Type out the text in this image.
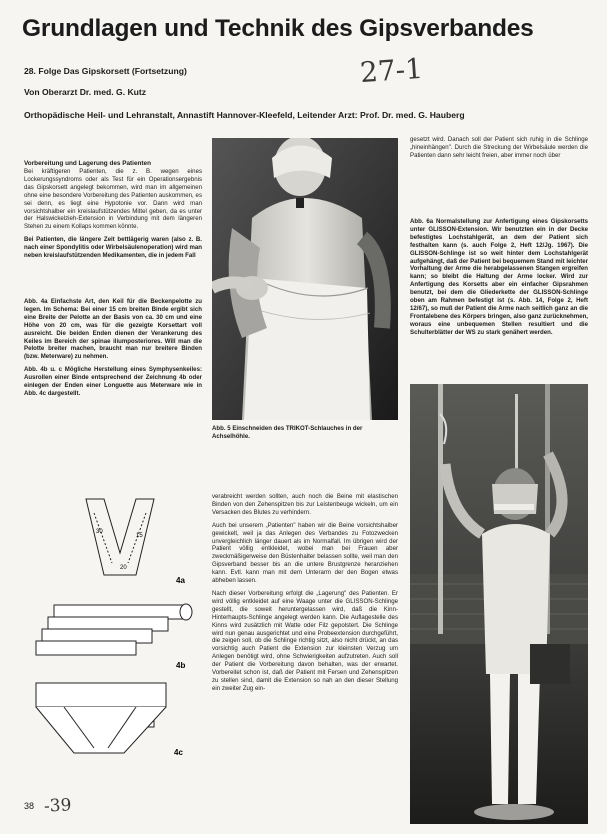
Grundlagen und Technik des Gipsverbandes
27-1
28. Folge Das Gipskorsett (Fortsetzung)
Von Oberarzt Dr. med. G. Kutz
Orthopädische Heil- und Lehranstalt, Annastift Hannover-Kleefeld, Leitender Arzt: Prof. Dr. med. G. Hauberg
Vorbereitung und Lagerung des Patienten

Bei kräftigeren Patienten, die z. B. wegen eines Lockerungssyndroms oder als Test für ein Operationsergebnis das Gipskorsett angelegt bekommen, wird man im allgemeinen ohne eine besondere Vorbereitung des Patienten auskommen, es sei denn, es liegt eine Hypotonie vor. Dann wird man vorsichtshalber ein kreislaufstützendes Mittel geben, da es unter der Halswickelzieh-Extension in Verbindung mit dem längeren Stehen zu einem Kollaps kommen könnte.

Bei Patienten, die längere Zeit bettlägerig waren (also z. B. nach einer Spondylitis oder Wirbelsäulenoperation) wird man neben kreislaufstützenden Medikamenten, die in jedem Fall

Abb. 4a Einfachste Art, den Keil für die Beckenpelotte zu legen. Im Schema: Bei einer 15 cm breiten Binde ergibt sich eine Breite der Pelotte an der Basis von ca. 30 cm und eine Höhe von 20 cm, was für die gezeigte Korsettart voll ausreicht. Die beiden Enden dienen der Verankerung des Keiles im Bereich der spinae iliumposteriores. Will man die Pelotte breiter machen, braucht man nur breitere Binden (bzw. Meterware) zu nehmen.

Abb. 4b u. c Mögliche Herstellung eines Symphysenkeiles: Ausrollen einer Binde entsprechend der Zeichnung 4b oder einlegen der Enden einer Longuette aus Meterware wie in Abb. 4c dargestellt.

Abb. 5 Einschneiden des TRIKOT-Schlauches in der Achselhöhle.

gesetzt wird. Danach soll der Patient sich ruhig in die Schlinge „hineinhängen". Durch die Streckung der Wirbelsäule werden die Patienten dann sehr leicht freien, aber immer noch über

Abb. 6a Normalstellung zur Anfertigung eines Gipskorsetts unter GLISSON-Extension. Wir benutzten ein in der Decke befestigtes Lochstahlgerät, an dem der Patient sich festhalten kann (s. auch Folge 2, Heft 12/Jg. 1967). Die GLISSON-Schlinge ist so weit hinter dem Lochstahlgerät aufgehängt, daß der Patient bei bequemem Stand mit leichter Vorhaltung der Arme die herabgelassenen Stangen ergreifen kann; so bleibt die Haltung der Arme locker. Wird zur Anfertigung des Korsetts aber ein einfacher Gipsrahmen benutzt, bei dem die Gliederkette der GLISSON-Schlinge oben am Rahmen befestigt ist (s. Abb. 14, Folge 2, Heft 12/67), so muß der Patient die Arme nach seitlich ganz an die Frontalebene des Körpers bringen, also ganz zurücknehmen, woraus eine unbequemen Stellen resultiert und die Schulterblätter der WS zu stark genähert werden.

30
15
20
4a
4b
4c

verabreicht werden sollten, auch noch die Beine mit elastischen Binden von den Zehenspitzen bis zur Leistenbeuge wickeln, um ein Versacken des Blutes zu verhindern.

Auch bei unserem „Patienten" haben wir die Beine vorsichtshalber gewickelt, weil ja das Anlegen des Verbandes zu Fotozwecken unvergleichlich länger dauert als im Normalfall. Im übrigen wird der Patient völlig entkleidet, wobei man bei Frauen aber zweckmäßigerweise den Büstenhalter belassen sollte, weil man den Gipsverband besser bis an die untere Brustgrenze heranziehen kann. Evtl. kann man mit dem Unterarm der den Bogen etwas abheben lassen.

Nach dieser Vorbereitung erfolgt die „Lagerung" des Patienten. Er wird völlig entkleidet auf eine Waage unter die GLISSON-Schlinge gestellt, die soweit heruntergelassen wird, daß die Kinn-Hinterhaupts-Schlinge angelegt werden kann. Die Auflagestelle des Kinns wird zusätzlich mit Watte oder Filz gepolstert. Die Schlinge wird nun genau ausgerichtet und eine Probeextension durchgeführt, die zeigen soll, ob die Schlinge richtig sitzt, also nicht drückt, an das vorsichtig auch Patient die Extension zur kleinsten Verzug um Anlegen benötigt wird, ohne Schwierigkeiten aufzutreten. Auch soll der Patient die Vorbereitung davon behalten, was der erwartet. Vorbereitet schon ist, daß der Patient mit Fersen und Zehenspitzen zu stellen sind, damit die Extension so nah an den dieser Stellung ein zweiter Zug ein-

38 -39
